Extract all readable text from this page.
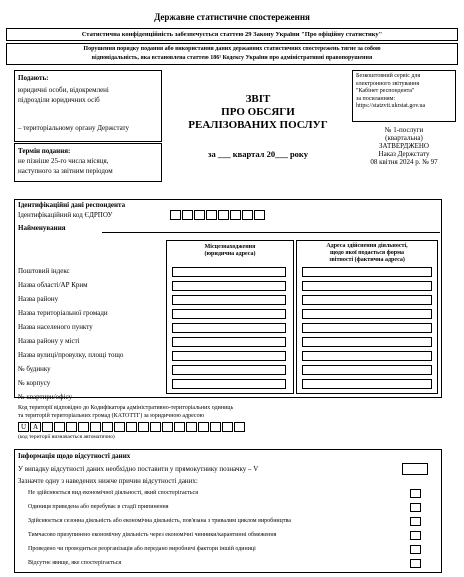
Державне статистичне спостереження
Статистична конфіденційність забезпечується статтею 29 Закону України "Про офіційну статистику"
Порушення порядку подання або використання даних державних статистичних спостережень тягне за собою
відповідальність, яка встановлена статтею 186¹ Кодексу України про адміністративні правопорушення
Подають:
юридичні особи, відокремлені
підрозділи юридичних осіб
– територіальному органу Держстату
Термін подання:
не пізніше 25-го числа місяця,
наступного за звітним періодом
ЗВІТ
ПРО ОБСЯГИ
РЕАЛІЗОВАНИХ ПОСЛУГ
за ___ квартал 20___ року
Безкоштовний сервіс для
електронного звітування
"Кабінет респондента"
за посиланням:
https://statzvit.ukrstat.gov.ua
№ 1-послуги
(квартальна)
ЗАТВЕРДЖЕНО
Наказ Держстату
08 квітня 2024 р. № 97
Ідентифікаційні дані респондента
Ідентифікаційний код ЄДРПОУ
Найменування
Місцезнаходження
(юридична адреса)
Адреса здійснення діяльності,
щодо якої подається форма
звітності (фактична адреса)
Поштовий індекс
Назва області/АР Крим
Назва району
Назва територіальної громади
Назва населеного пункту
Назва району у місті
Назва вулиці/провулку, площі тощо
№ будинку
№ корпусу
№ квартири/офісу
Код території відповідно до Кодифікатора адміністративно-територіальних одиниць
та територій територіальних громад (КАТОТТГ) за юридичною адресою
U A
(код території визначається автоматично)
Інформація щодо відсутності даних
У випадку відсутності даних необхідно поставити у прямокутнику позначку – V
Зазначте одну з наведених нижче причин відсутності даних:
Не здійснюється вид економічної діяльності, який спостерігається
Одиниця приведена або перебуває в стадії припинення
Здійснюється сезонна діяльність або економічна діяльність, пов'язана з тривалим циклом виробництва
Тимчасово призупинено економічну діяльність через економічні чинники/карантинні обмеження
Проведено чи проводиться реорганізація або передано виробничі фактори іншій одиниці
Відсутнє явище, яке спостерігається
